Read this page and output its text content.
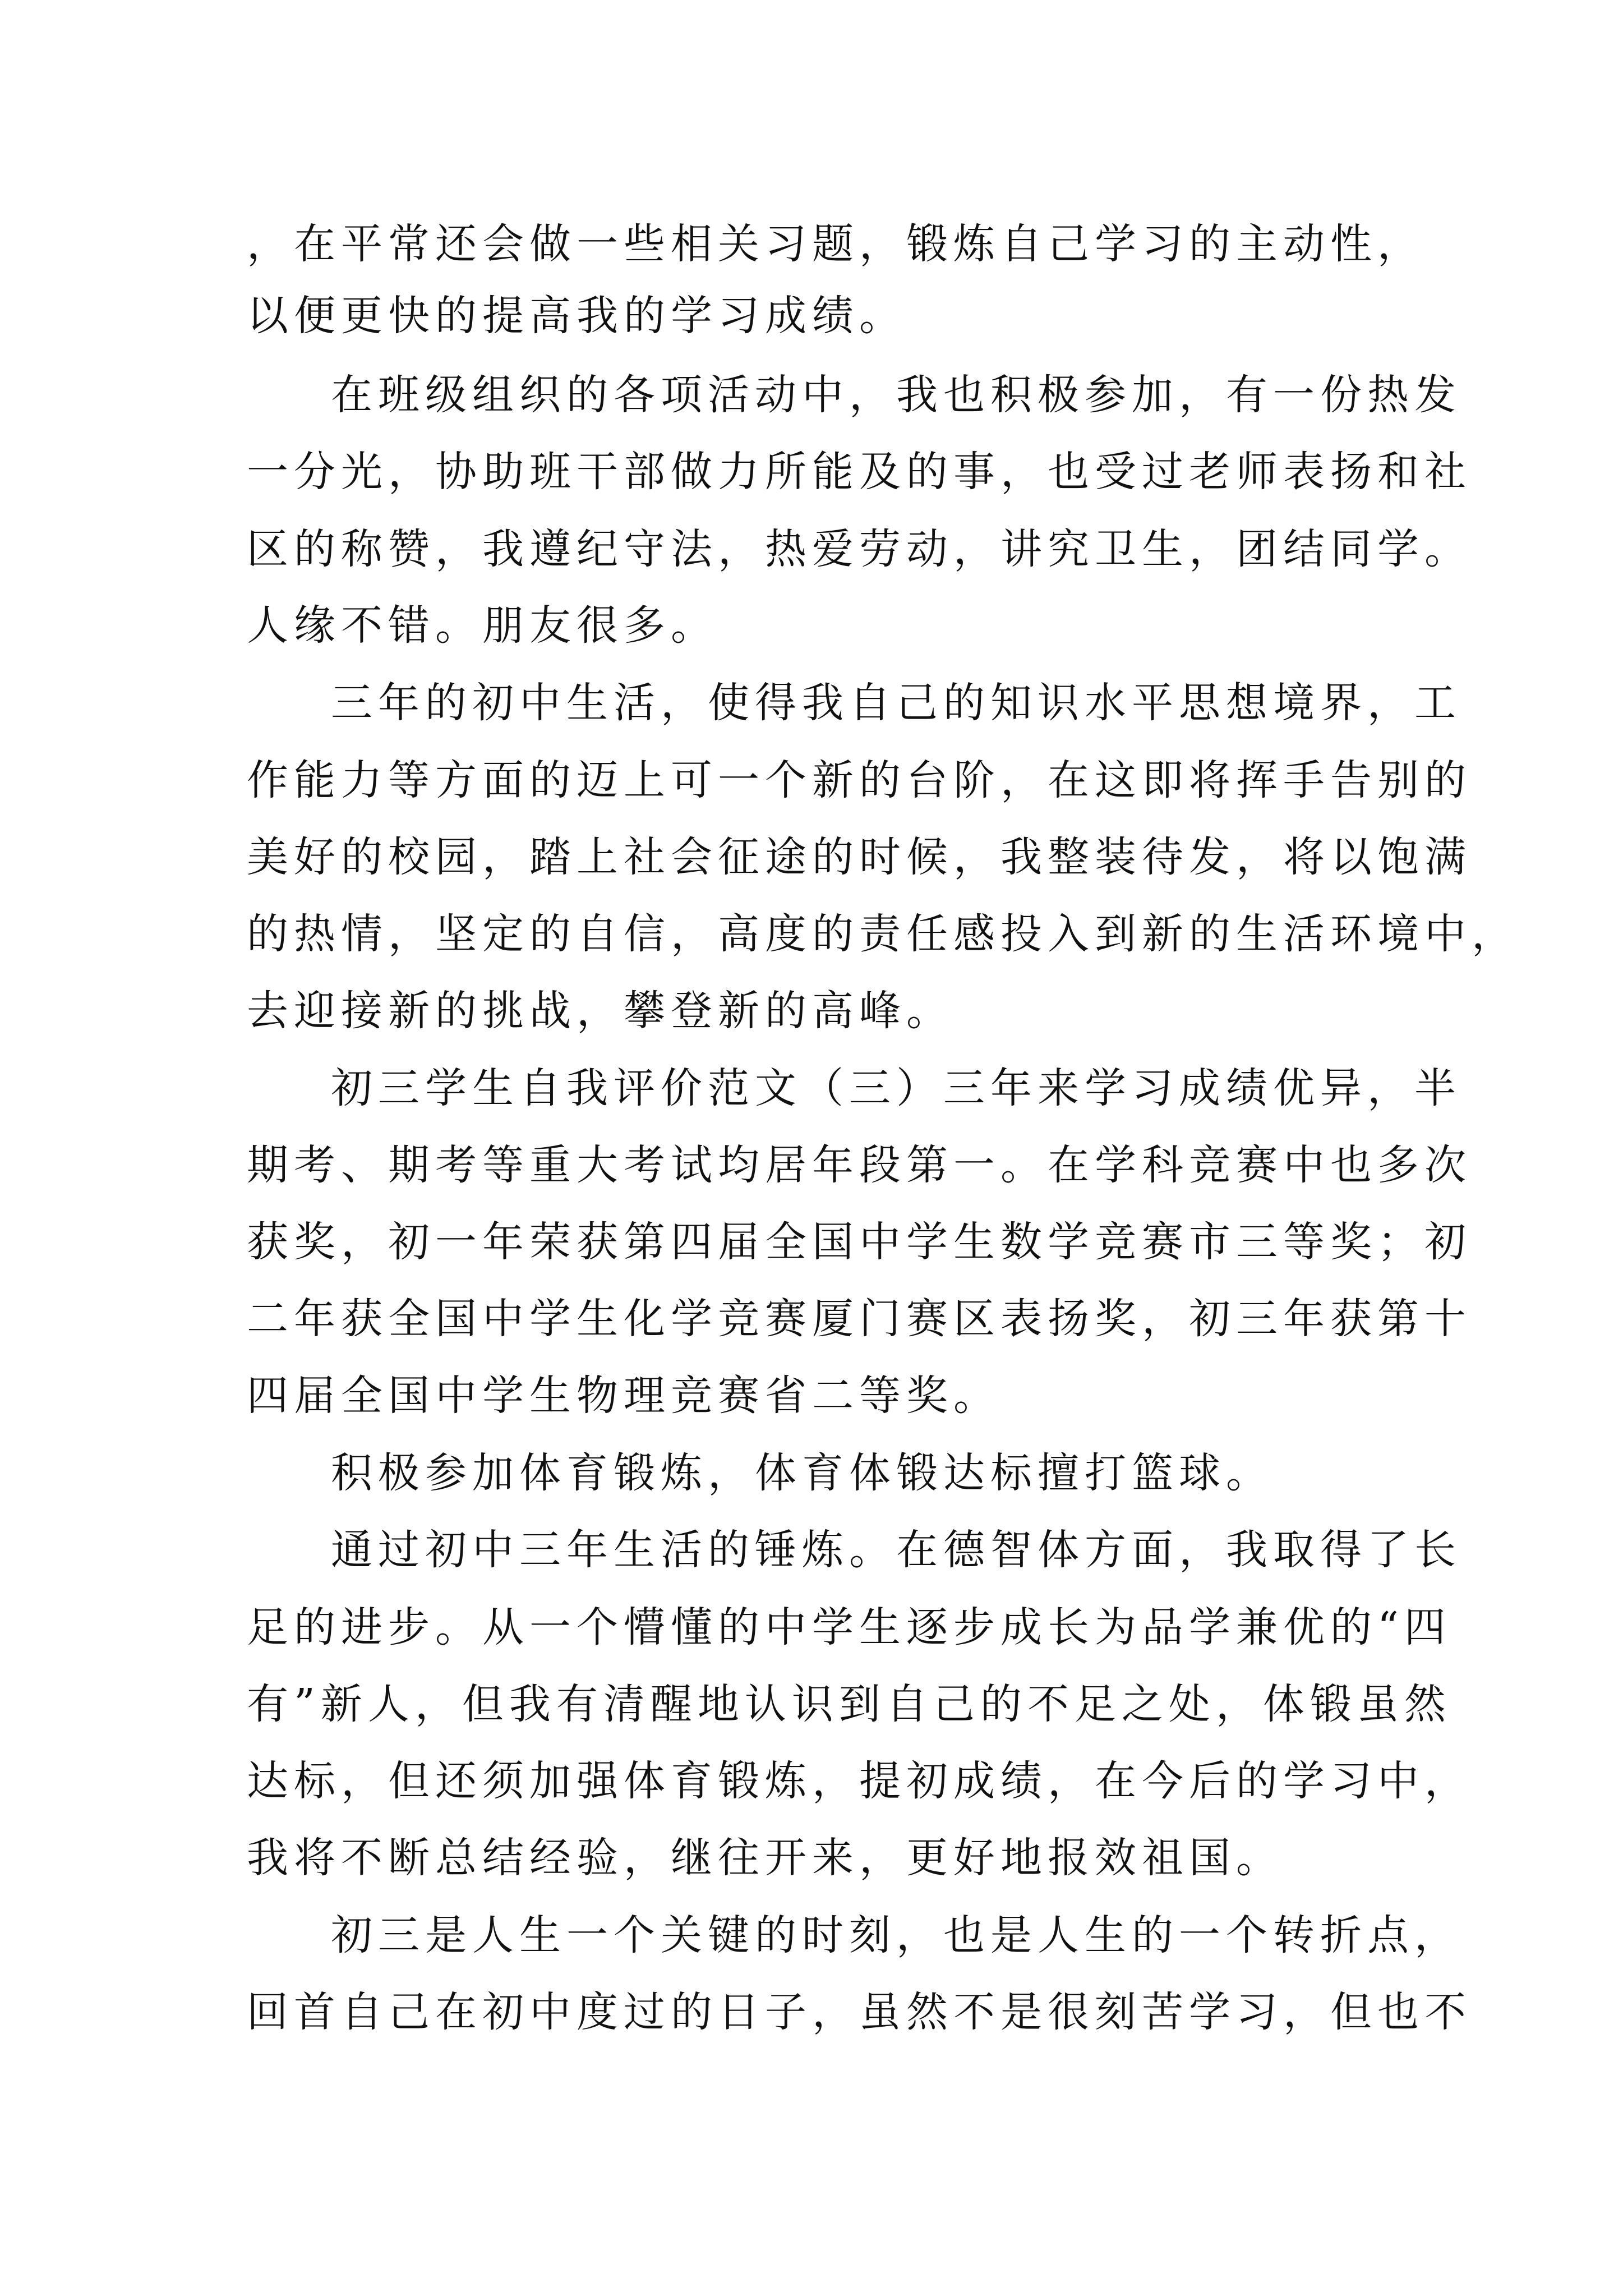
，在平常还会做一些相关习题，锻炼自己学习的主动性，
以便更快的提高我的学习成绩。
在班级组织的各项活动中，我也积极参加，有一份热发
一分光，协助班干部做力所能及的事，也受过老师表扬和社
区的称赞，我遵纪守法，热爱劳动，讲究卫生，团结同学。
人缘不错。朋友很多。
三年的初中生活，使得我自己的知识水平思想境界，工
作能力等方面的迈上可一个新的台阶，在这即将挥手告别的
美好的校园，踏上社会征途的时候，我整装待发，将以饱满
的热情，坚定的自信，高度的责任感投入到新的生活环境中，
去迎接新的挑战，攀登新的高峰。
初三学生自我评价范文（三）三年来学习成绩优异，半
期考、期考等重大考试均居年段第一。在学科竞赛中也多次
获奖，初一年荣获第四届全国中学生数学竞赛市三等奖；初
二年获全国中学生化学竞赛厦门赛区表扬奖，初三年获第十
四届全国中学生物理竞赛省二等奖。
积极参加体育锻炼，体育体锻达标擅打篮球。
通过初中三年生活的锤炼。在德智体方面，我取得了长
足的进步。从一个懵懂的中学生逐步成长为品学兼优的“四
有”新人，但我有清醒地认识到自己的不足之处，体锻虽然
达标，但还须加强体育锻炼，提初成绩，在今后的学习中，
我将不断总结经验，继往开来，更好地报效祖国。
初三是人生一个关键的时刻，也是人生的一个转折点，
回首自己在初中度过的日子，虽然不是很刻苦学习，但也不
